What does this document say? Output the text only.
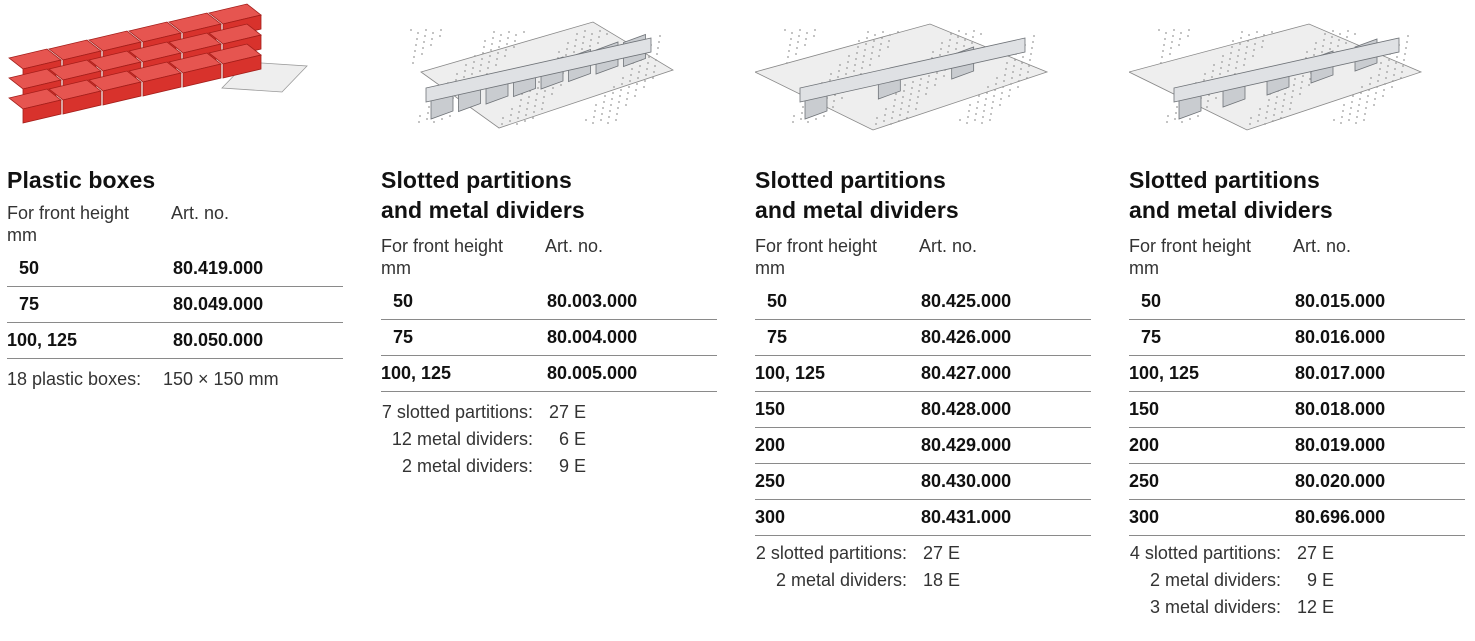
Plastic boxes
For front height
mm
Art. no.
50	80.419.000
75	80.049.000
100, 125	80.050.000
18 plastic boxes: 150 × 150 mm
Slotted partitions
and metal dividers
For front height
mm
Art. no.
50	80.003.000
75	80.004.000
100, 125	80.005.000
7 slotted partitions: 27 E
12 metal dividers:	6 E
2 metal dividers:	9 E
Slotted partitions
and metal dividers
For front height
mm
Art. no.
50	80.425.000
75	80.426.000
100, 125	80.427.000
150	80.428.000
200	80.429.000
250	80.430.000
300	80.431.000
2 slotted partitions: 27 E
2 metal dividers: 18 E
Slotted partitions
and metal dividers
For front height
mm
Art. no.
50	80.015.000
75	80.016.000
100, 125	80.017.000
150	80.018.000
200	80.019.000
250	80.020.000
300	80.696.000
4 slotted partitions: 27 E
2 metal dividers:	9 E
3 metal dividers: 12 E
